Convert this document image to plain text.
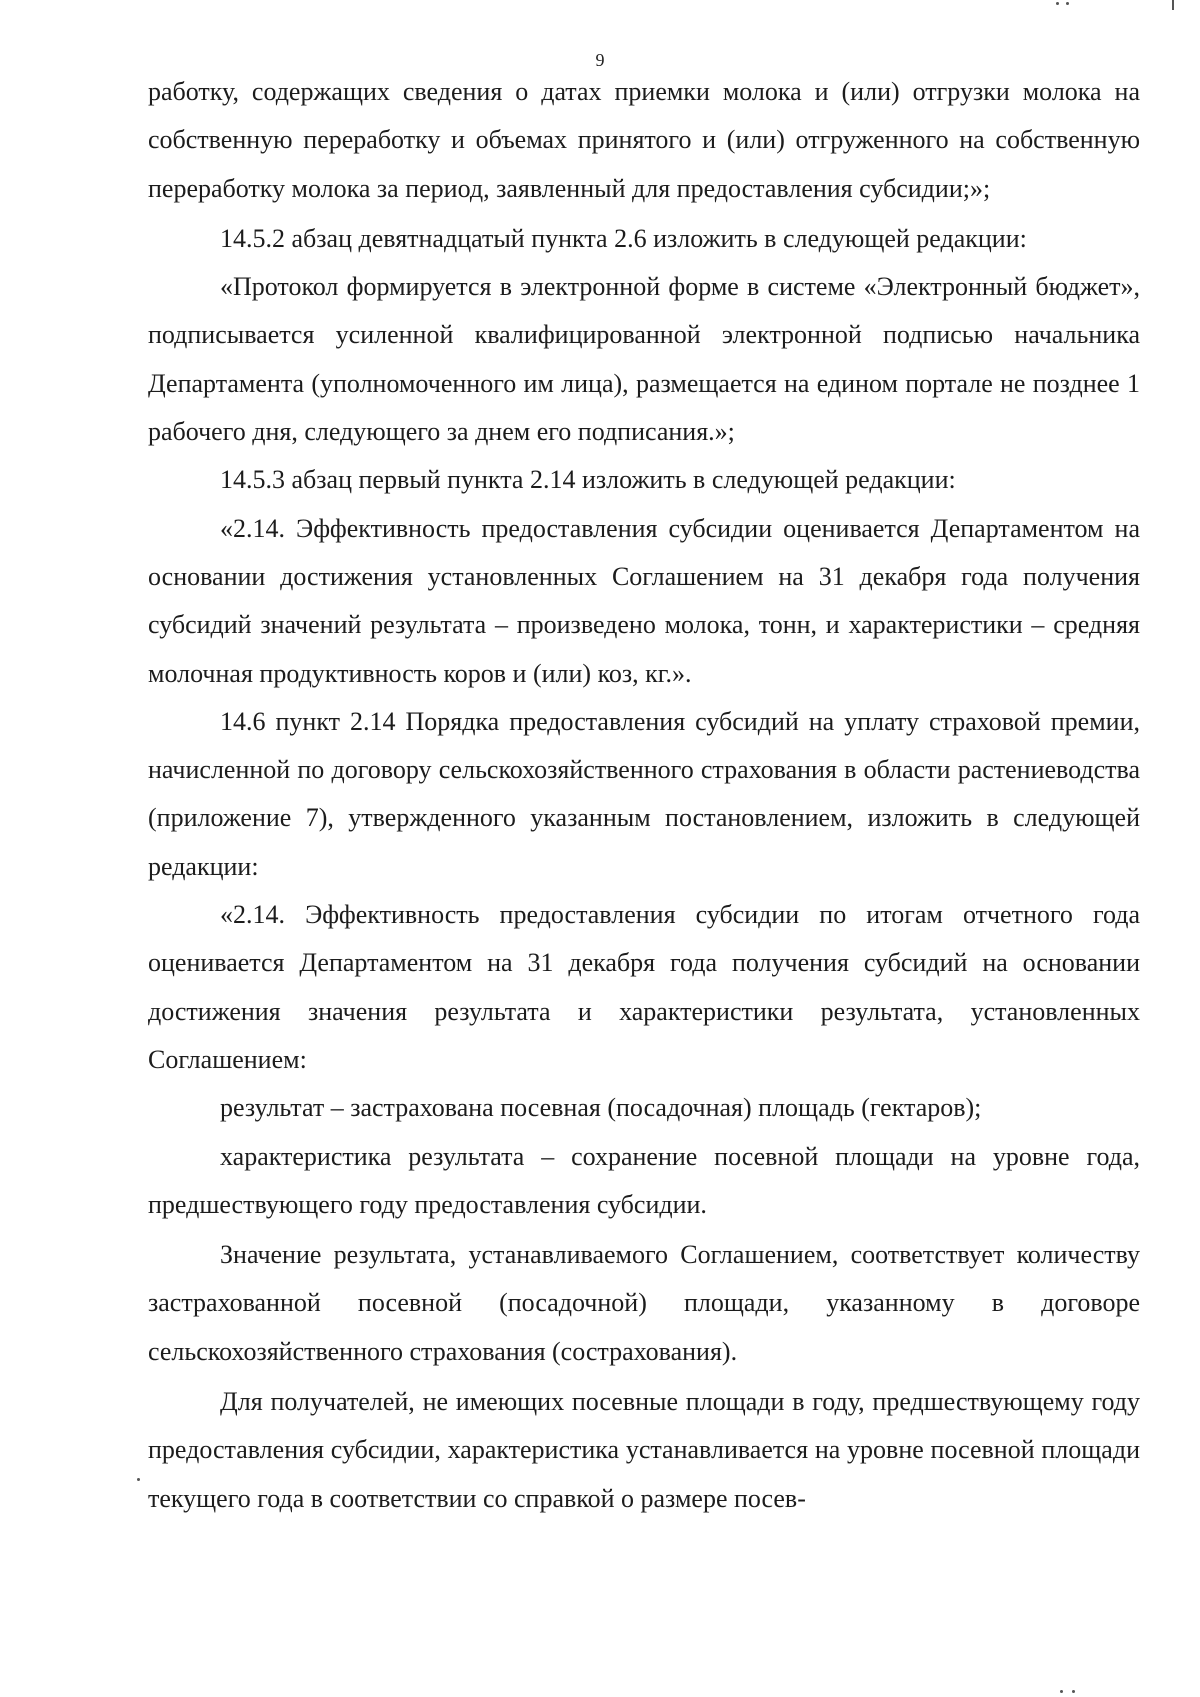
9

работку, содержащих сведения о датах приемки молока и (или) отгрузки молока на собственную переработку и объемах принятого и (или) отгруженного на собственную переработку молока за период, заявленный для предоставления субсидии;»;

14.5.2 абзац девятнадцатый пункта 2.6 изложить в следующей редакции:

«Протокол формируется в электронной форме в системе «Электронный бюджет», подписывается усиленной квалифицированной электронной подписью начальника Департамента (уполномоченного им лица), размещается на едином портале не позднее 1 рабочего дня, следующего за днем его подписания.»;

14.5.3 абзац первый пункта 2.14 изложить в следующей редакции:

«2.14. Эффективность предоставления субсидии оценивается Департаментом на основании достижения установленных Соглашением на 31 декабря года получения субсидий значений результата – произведено молока, тонн, и характеристики – средняя молочная продуктивность коров и (или) коз, кг.».

14.6 пункт 2.14 Порядка предоставления субсидий на уплату страховой премии, начисленной по договору сельскохозяйственного страхования в области растениеводства (приложение 7), утвержденного указанным постановлением, изложить в следующей редакции:

«2.14. Эффективность предоставления субсидии по итогам отчетного года оценивается Департаментом на 31 декабря года получения субсидий на основании достижения значения результата и характеристики результата, установленных Соглашением:

результат – застрахована посевная (посадочная) площадь (гектаров);

характеристика результата – сохранение посевной площади на уровне года, предшествующего году предоставления субсидии.

Значение результата, устанавливаемого Соглашением, соответствует количеству застрахованной посевной (посадочной) площади, указанному в договоре сельскохозяйственного страхования (сострахования).

Для получателей, не имеющих посевные площади в году, предшествующему году предоставления субсидии, характеристика устанавливается на уровне посевной площади текущего года в соответствии со справкой о размере посев-
